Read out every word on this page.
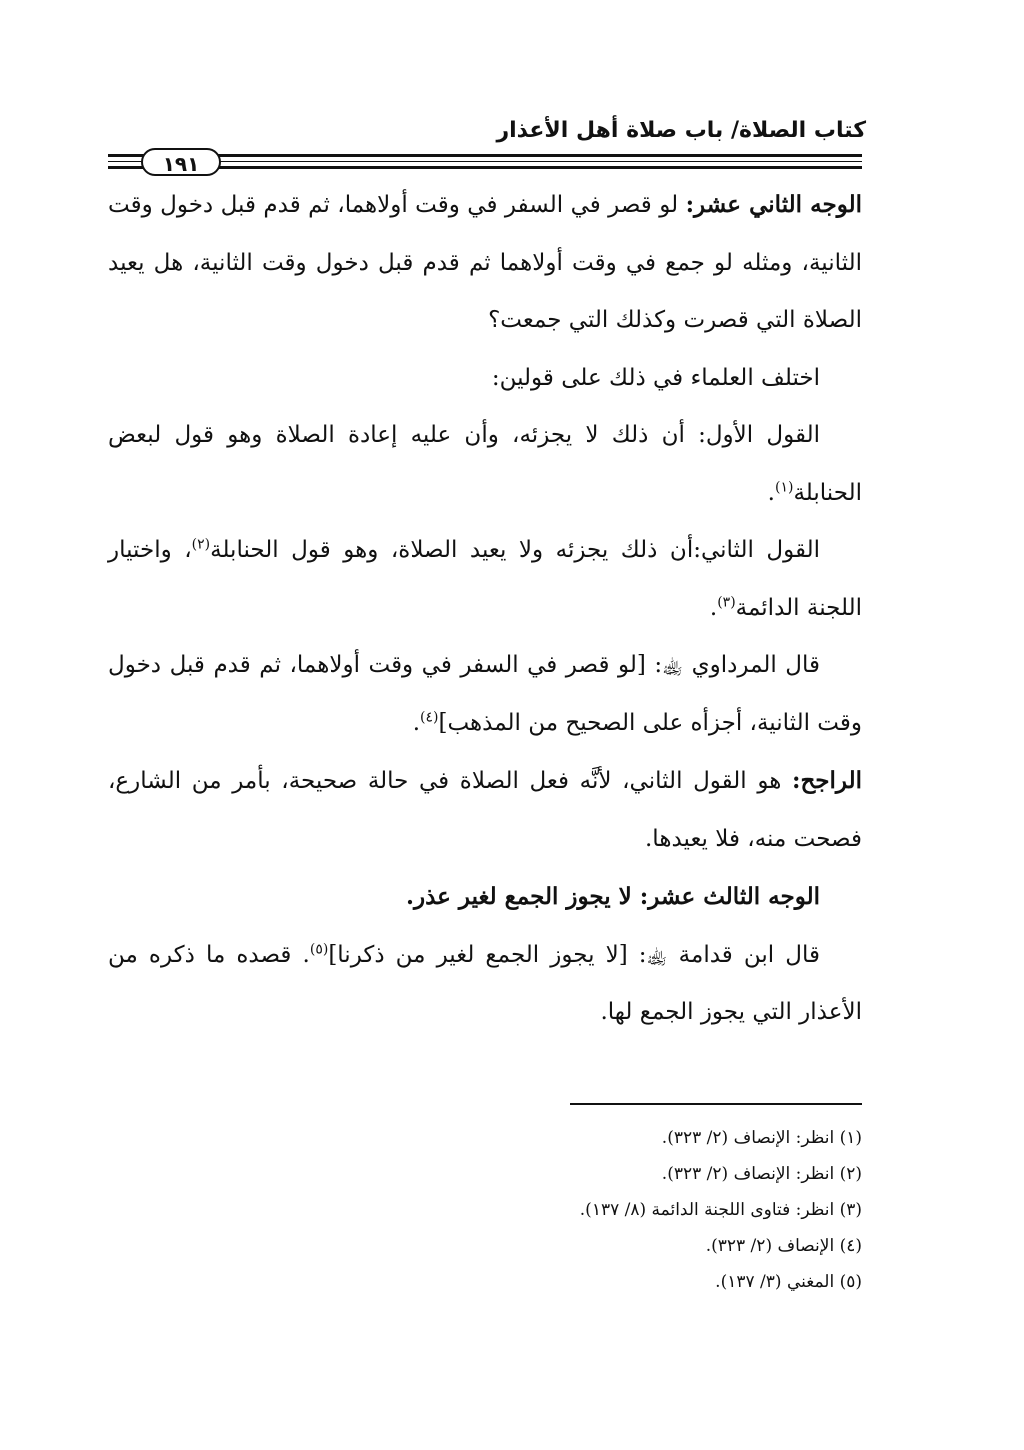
كتاب الصلاة/ باب صلاة أهل الأعذار
١٩١

الوجه الثاني عشر: لو قصر في السفر في وقت أولاهما، ثم قدم قبل دخول وقت الثانية، ومثله لو جمع في وقت أولاهما ثم قدم قبل دخول وقت الثانية، هل يعيد الصلاة التي قصرت وكذلك التي جمعت؟

اختلف العلماء في ذلك على قولين:

القول الأول: أن ذلك لا يجزئه، وأن عليه إعادة الصلاة وهو قول لبعض الحنابلة$^{(١)}$.

القول الثاني:أن ذلك يجزئه ولا يعيد الصلاة، وهو قول الحنابلة$^{(٢)}$، واختيار اللجنة الدائمة$^{(٣)}$.

قال المرداوي ﵀: [لو قصر في السفر في وقت أولاهما، ثم قدم قبل دخول وقت الثانية، أجزأه على الصحيح من المذهب]$^{(٤)}$.

الراجح: هو القول الثاني، لأنَّه فعل الصلاة في حالة صحيحة، بأمر من الشارع، فصحت منه، فلا يعيدها.

الوجه الثالث عشر: لا يجوز الجمع لغير عذر.

قال ابن قدامة ﵀: [لا يجوز الجمع لغير من ذكرنا]$^{(٥)}$. قصده ما ذكره من الأعذار التي يجوز الجمع لها.

(١) انظر: الإنصاف (٢/ ٣٢٣).
(٢) انظر: الإنصاف (٢/ ٣٢٣).
(٣) انظر: فتاوى اللجنة الدائمة (٨/ ١٣٧).
(٤) الإنصاف (٢/ ٣٢٣).
(٥) المغني (٣/ ١٣٧).
